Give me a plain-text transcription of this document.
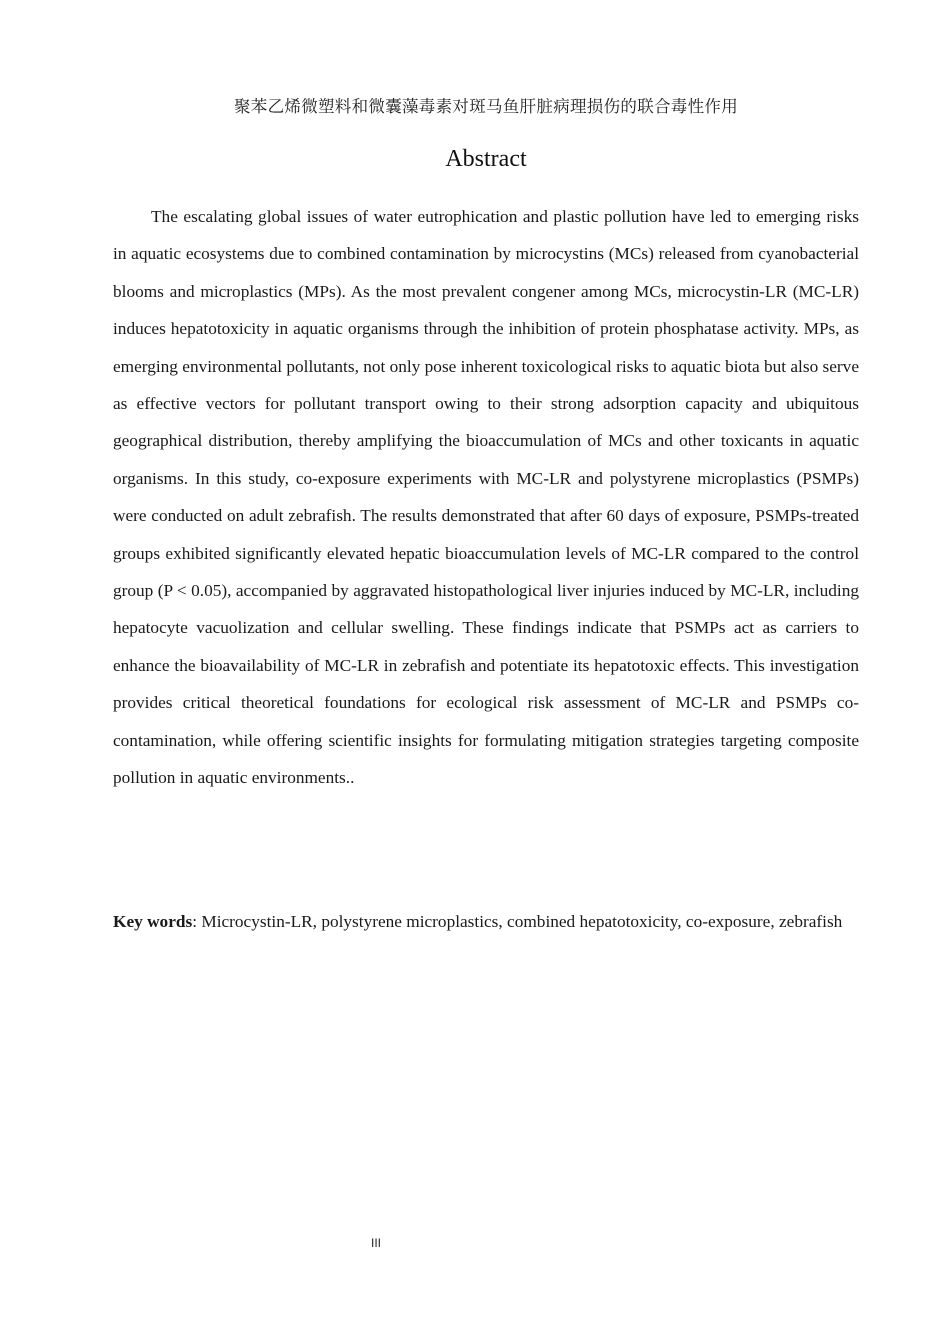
聚苯乙烯微塑料和微囊藻毒素对斑马鱼肝脏病理损伤的联合毒性作用
Abstract

The escalating global issues of water eutrophication and plastic pollution have led to emerging risks in aquatic ecosystems due to combined contamination by microcystins (MCs) released from cyanobacterial blooms and microplastics (MPs). As the most prevalent congener among MCs, microcystin-LR (MC-LR) induces hepatotoxicity in aquatic organisms through the inhibition of protein phosphatase activity. MPs, as emerging environmental pollutants, not only pose inherent toxicological risks to aquatic biota but also serve as effective vectors for pollutant transport owing to their strong adsorption capacity and ubiquitous geographical distribution, thereby amplifying the bioaccumulation of MCs and other toxicants in aquatic organisms. In this study, co-exposure experiments with MC-LR and polystyrene microplastics (PSMPs) were conducted on adult zebrafish. The results demonstrated that after 60 days of exposure, PSMPs-treated groups exhibited significantly elevated hepatic bioaccumulation levels of MC-LR compared to the control group (P < 0.05), accompanied by aggravated histopathological liver injuries induced by MC-LR, including hepatocyte vacuolization and cellular swelling. These findings indicate that PSMPs act as carriers to enhance the bioavailability of MC-LR in zebrafish and potentiate its hepatotoxic effects. This investigation provides critical theoretical foundations for ecological risk assessment of MC-LR and PSMPs co-contamination, while offering scientific insights for formulating mitigation strategies targeting composite pollution in aquatic environments..

Key words: Microcystin-LR, polystyrene microplastics, combined hepatotoxicity, co-exposure, zebrafish

III
